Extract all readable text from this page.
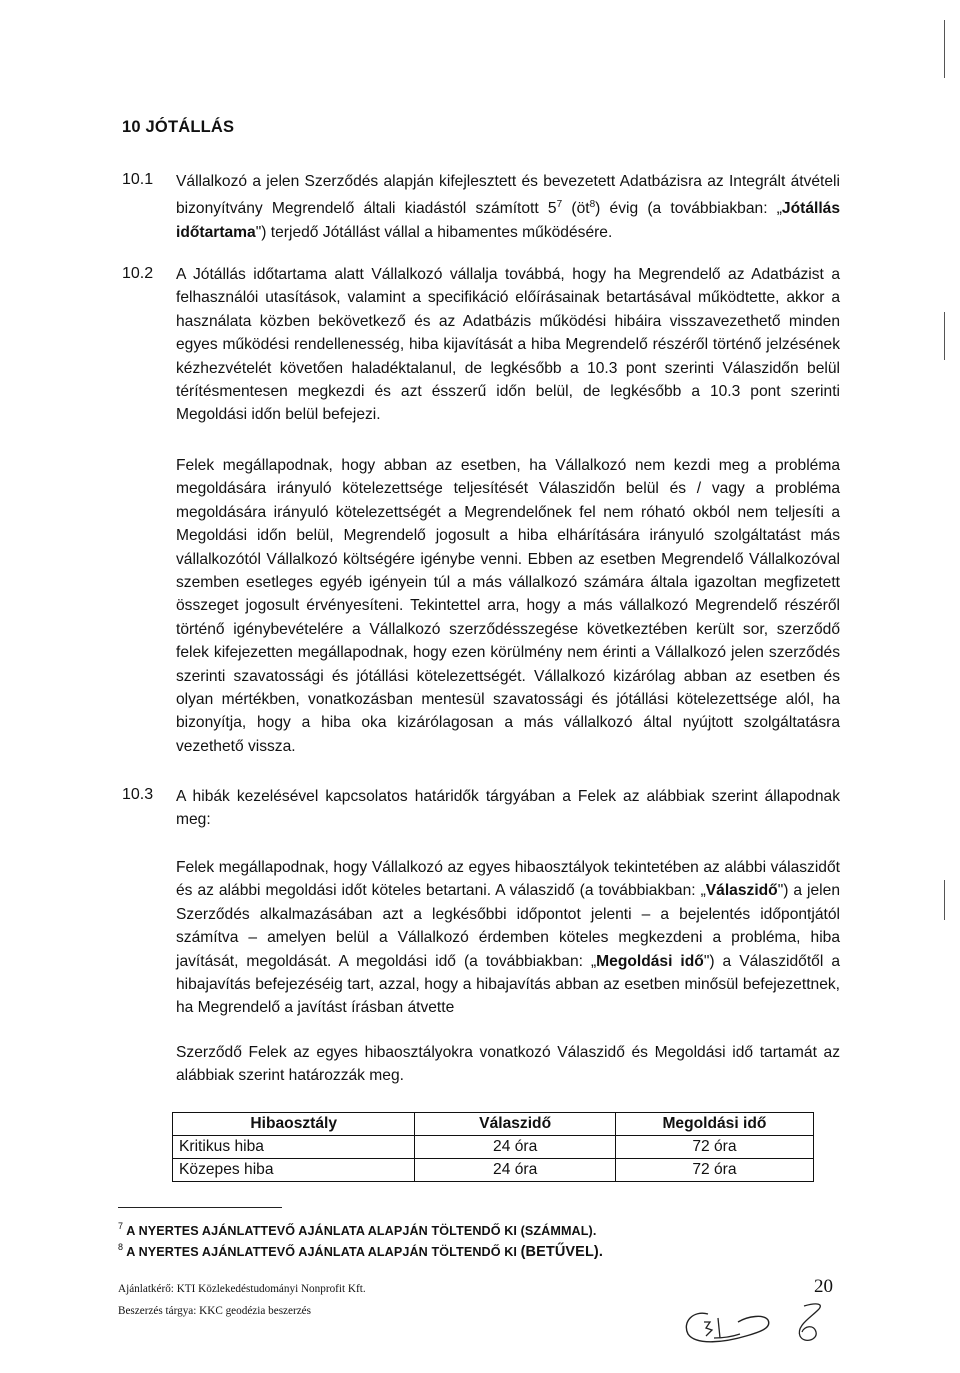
10 JÓTÁLLÁS
10.1 Vállalkozó a jelen Szerződés alapján kifejlesztett és bevezetett Adatbázisra az Integrált átvételi bizonyítvány Megrendelő általi kiadástól számított $5^7$ $(öt^8)$ évig (a továbbiakban: „Jótállás időtartama") terjedő Jótállást vállal a hibamentes működésére.

10.2 A Jótállás időtartama alatt Vállalkozó vállalja továbbá, hogy ha Megrendelő az Adatbázist a felhasználói utasítások, valamint a specifikáció előírásainak betartásával működtette, akkor a használata közben bekövetkező és az Adatbázis működési hibáira visszavezethető minden egyes működési rendellenesség, hiba kijavítását a hiba Megrendelő részéről történő jelzésének kézhezvételét követően haladéktalanul, de legkésőbb a 10.3 pont szerinti Válaszidőn belül térítésmentesen megkezdi és azt ésszerű időn belül, de legkésőbb a 10.3 pont szerinti Megoldási időn belül befejezi.

Felek megállapodnak, hogy abban az esetben, ha Vállalkozó nem kezdi meg a probléma megoldására irányuló kötelezettsége teljesítését Válaszidőn belül és / vagy a probléma megoldására irányuló kötelezettségét a Megrendelőnek fel nem róható okból nem teljesíti a Megoldási időn belül, Megrendelő jogosult a hiba elhárítására irányuló szolgáltatást más vállalkozótól Vállalkozó költségére igénybe venni. Ebben az esetben Megrendelő Vállalkozóval szemben esetleges egyéb igényein túl a más vállalkozó számára általa igazoltan megfizetett összeget jogosult érvényesíteni. Tekintettel arra, hogy a más vállalkozó Megrendelő részéről történő igénybevételére a Vállalkozó szerződésszegése következtében került sor, szerződő felek kifejezetten megállapodnak, hogy ezen körülmény nem érinti a Vállalkozó jelen szerződés szerinti szavatossági és jótállási kötelezettségét. Vállalkozó kizárólag abban az esetben és olyan mértékben, vonatkozásban mentesül szavatossági és jótállási kötelezettsége alól, ha bizonyítja, hogy a hiba oka kizárólagosan a más vállalkozó által nyújtott szolgáltatásra vezethető vissza.

10.3 A hibák kezelésével kapcsolatos határidők tárgyában a Felek az alábbiak szerint állapodnak meg:

Felek megállapodnak, hogy Vállalkozó az egyes hibaosztályok tekintetében az alábbi válaszidőt és az alábbi megoldási időt köteles betartani. A válaszidő (a továbbiakban: „Válaszidő") a jelen Szerződés alkalmazásában azt a legkésőbbi időpontot jelenti – a bejelentés időpontjától számítva – amelyen belül a Vállalkozó érdemben köteles megkezdeni a probléma, hiba javítását, megoldását. A megoldási idő (a továbbiakban: „Megoldási idő") a Válaszidőtől a hibajavítás befejezéséig tart, azzal, hogy a hibajavítás abban az esetben minősül befejezettnek, ha Megrendelő a javítást írásban átvette

Szerződő Felek az egyes hibaosztályokra vonatkozó Válaszidő és Megoldási idő tartamát az alábbiak szerint határozzák meg.

Hibaosztály	Válaszidő	Megoldási idő
Kritikus hiba	24 óra	72 óra
Közepes hiba	24 óra	72 óra
$^7$ A NYERTES AJÁNLATTEVŐ AJÁNLATA ALAPJÁN TÖLTENDŐ KI (SZÁMMAL).
$^8$ A NYERTES AJÁNLATTEVŐ AJÁNLATA ALAPJÁN TÖLTENDŐ KI (BETŰVEL).
Ajánlatkérő: KTI Közlekedéstudományi Nonprofit Kft.
Beszerzés tárgya: KKC geodézia beszerzés
20
